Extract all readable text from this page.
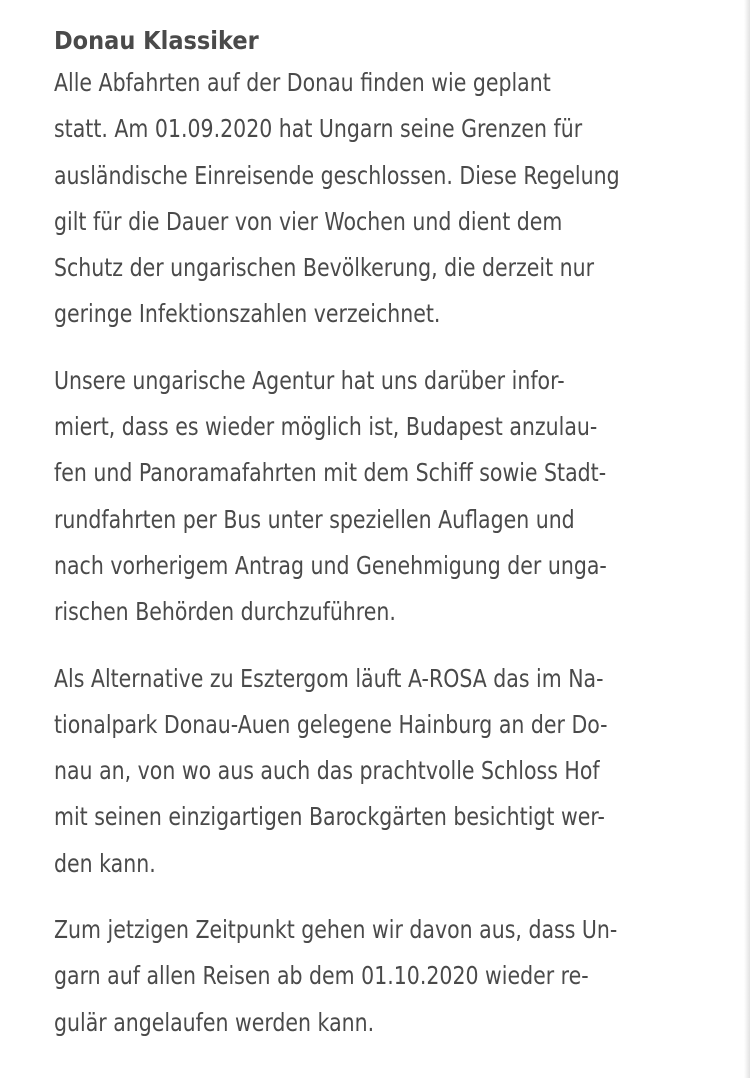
Donau Klassiker
Alle Abfahrten auf der Donau finden wie geplant
statt. Am 01.09.2020 hat Ungarn seine Grenzen für
ausländische Einreisende geschlossen. Diese Regelung
gilt für die Dauer von vier Wochen und dient dem
Schutz der ungarischen Bevölkerung, die derzeit nur
geringe Infektionszahlen verzeichnet.
Unsere ungarische Agentur hat uns darüber infor-
miert, dass es wieder möglich ist, Budapest anzulau-
fen und Panoramafahrten mit dem Schiff sowie Stadt-
rundfahrten per Bus unter speziellen Auflagen und
nach vorherigem Antrag und Genehmigung der unga-
rischen Behörden durchzuführen.
Als Alternative zu Esztergom läuft A-ROSA das im Na-
tionalpark Donau-Auen gelegene Hainburg an der Do-
nau an, von wo aus auch das prachtvolle Schloss Hof
mit seinen einzigartigen Barockgärten besichtigt wer-
den kann.
Zum jetzigen Zeitpunkt gehen wir davon aus, dass Un-
garn auf allen Reisen ab dem 01.10.2020 wieder re-
gulär angelaufen werden kann.
